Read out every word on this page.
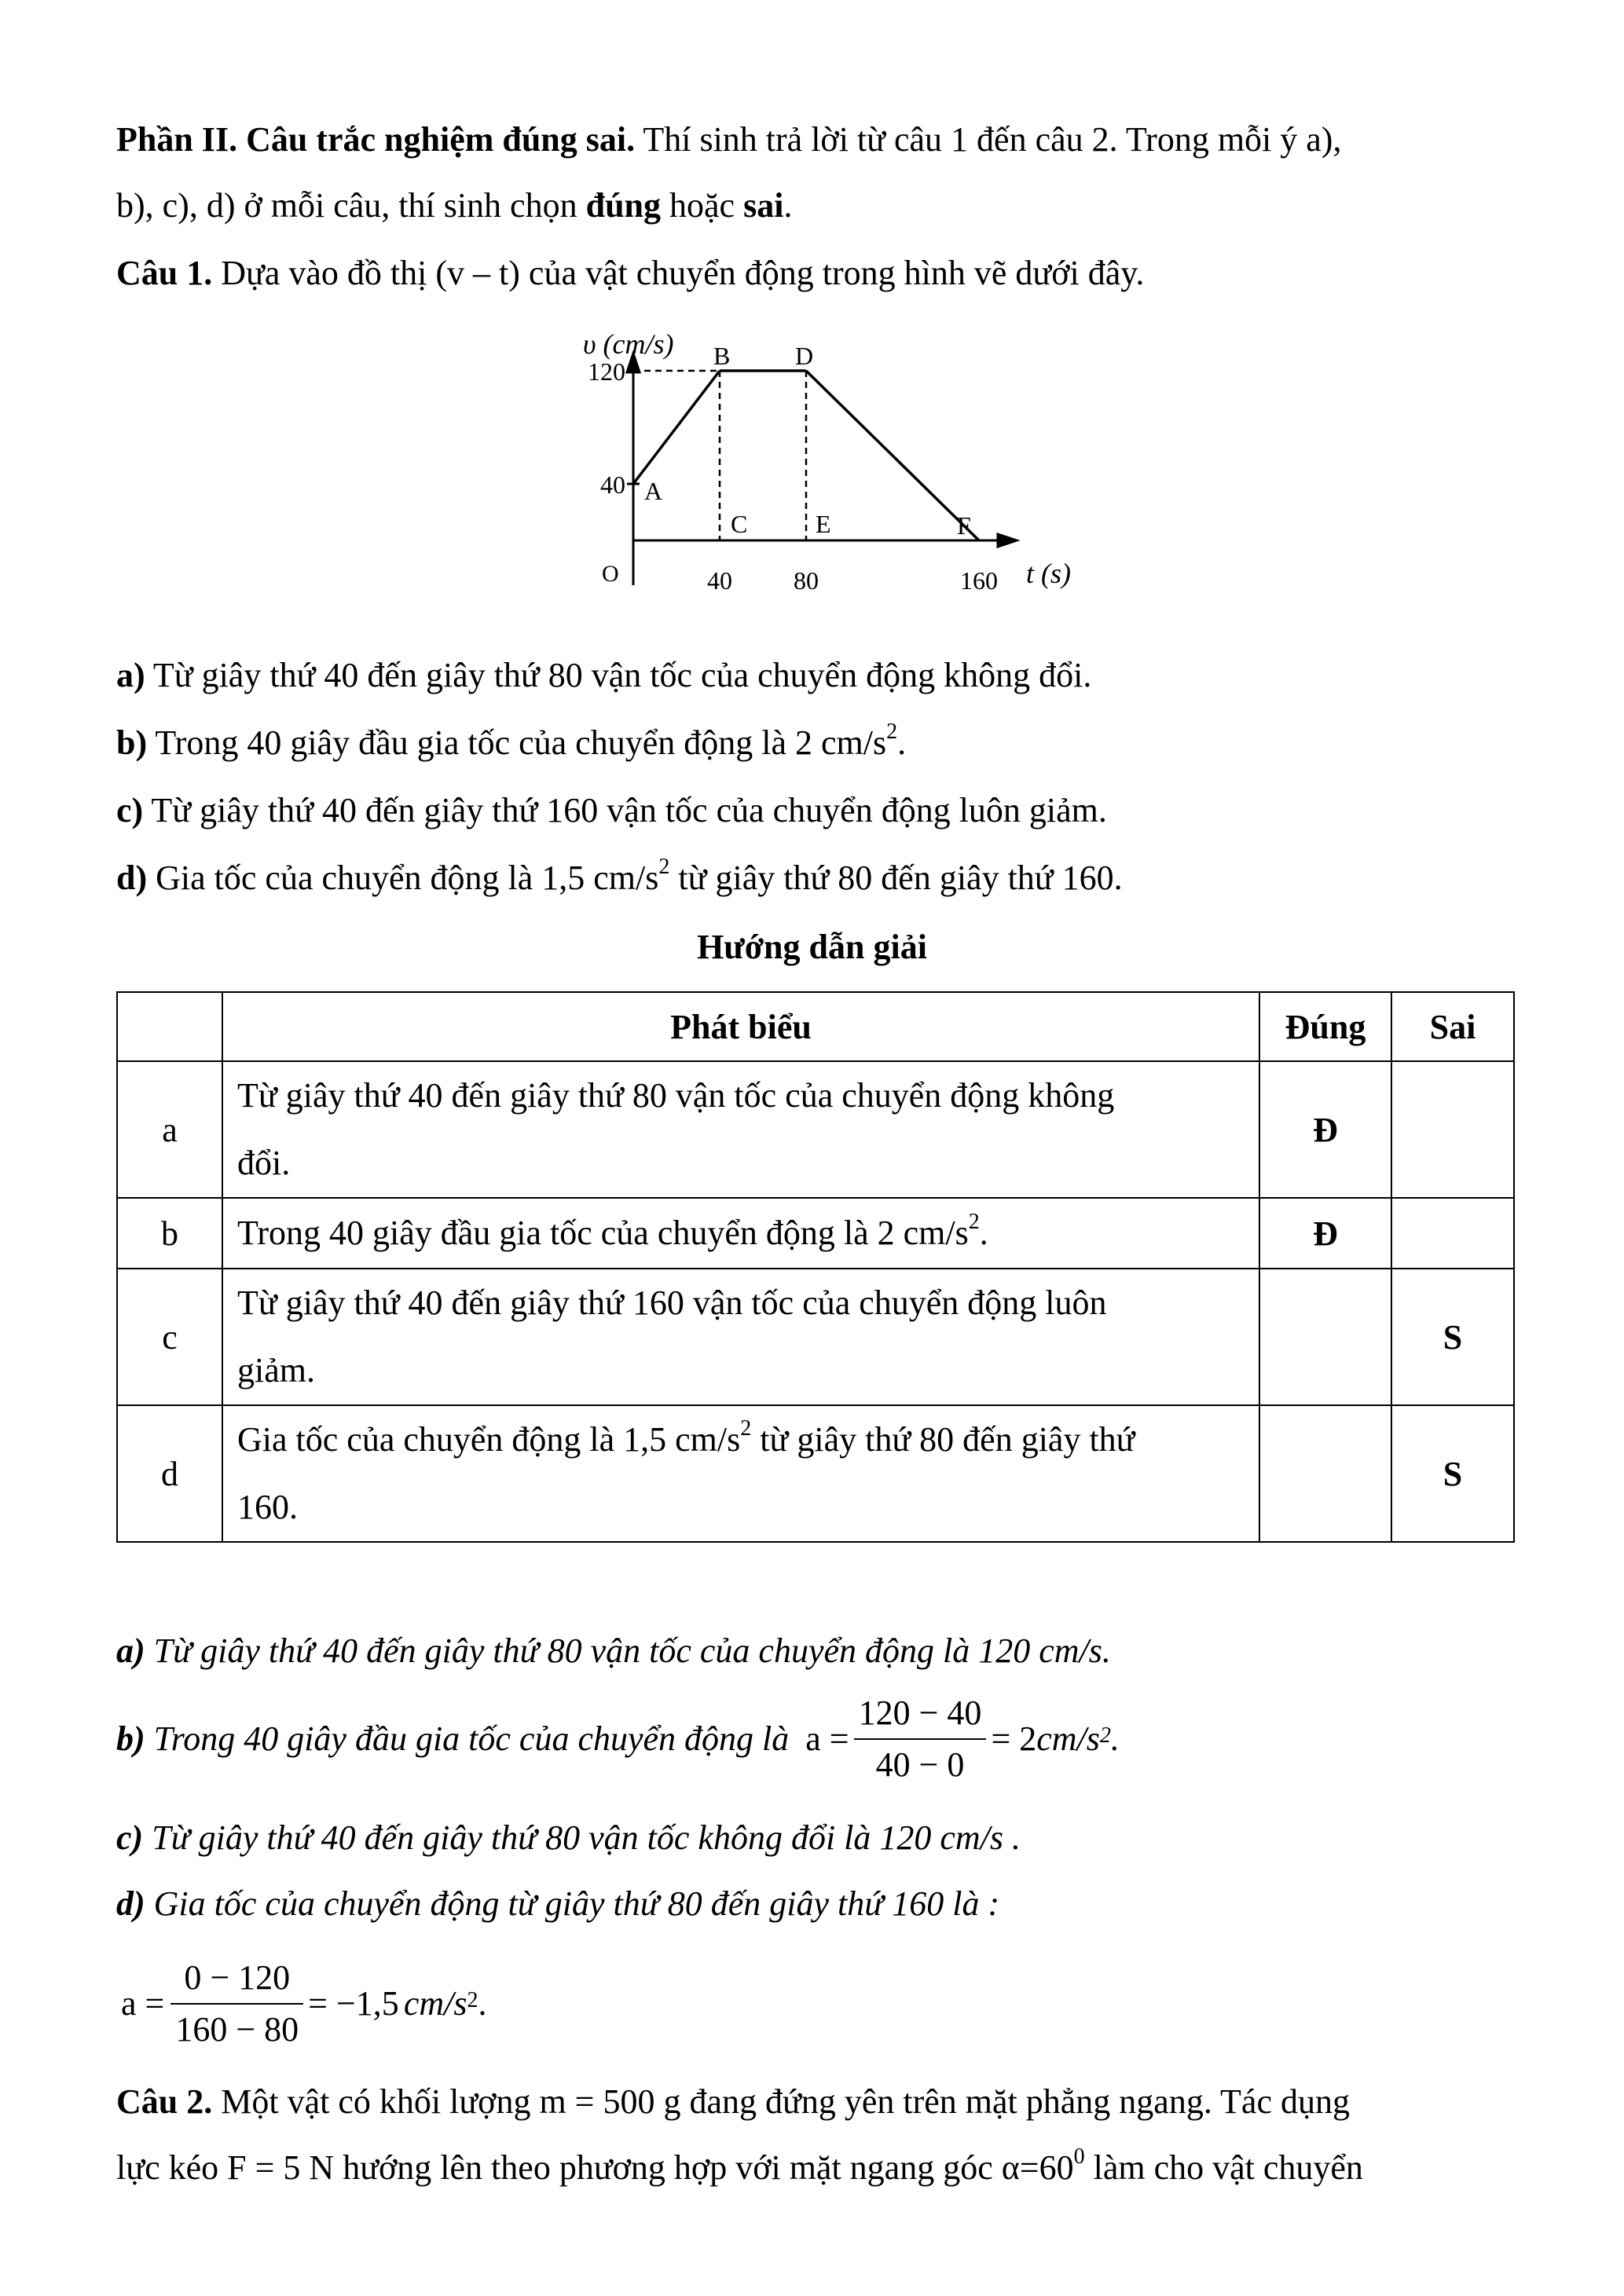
Phần II. Câu trắc nghiệm đúng sai. Thí sinh trả lời từ câu 1 đến câu 2. Trong mỗi ý a),
b), c), d) ở mỗi câu, thí sinh chọn đúng hoặc sai.
Câu 1. Dựa vào đồ thị (v – t) của vật chuyển động trong hình vẽ dưới đây.
120
40
40 80	160
A
B
C
D
E	F
υ (cm/s)
t (s)
O
a) Từ giây thứ 40 đến giây thứ 80 vận tốc của chuyển động không đổi.
b) Trong 40 giây đầu gia tốc của chuyển động là 2 $cm/s^2$.
c) Từ giây thứ 40 đến giây thứ 160 vận tốc của chuyển động luôn giảm.
d) Gia tốc của chuyển động là 1,5 $cm/s^2$ từ giây thứ 80 đến giây thứ 160.
Hướng dẫn giải
	Phát biểu	Đúng	Sai
a	Từ giây thứ 40 đến giây thứ 80 vận tốc của chuyển động không
đổi.	Đ	
b	Trong 40 giây đầu gia tốc của chuyển động là 2 $cm/s^2$.	Đ	
c	Từ giây thứ 40 đến giây thứ 160 vận tốc của chuyển động luôn
giảm.		S
d	Gia tốc của chuyển động là 1,5 $cm/s^2$ từ giây thứ 80 đến giây thứ
160.		S
a) Từ giây thứ 40 đến giây thứ 80 vận tốc của chuyển động là 120 cm/s.
b) Trong 40 giây đầu gia tốc của chuyển động là $a = \frac{120 - 40}{40 - 0} = 2$ $cm/s^2$ .
c) Từ giây thứ 40 đến giây thứ 80 vận tốc không đổi là 120 cm/s .
d) Gia tốc của chuyển động từ giây thứ 80 đến giây thứ 160 là :
$a = \frac{0 - 120}{160 - 80} = -1,5$ $cm/s^2$ .
Câu 2. Một vật có khối lượng m = 500 g đang đứng yên trên mặt phẳng ngang. Tác dụng
lực kéo F = 5 N hướng lên theo phương hợp với mặt ngang góc $\alpha=60^0$ làm cho vật chuyển
